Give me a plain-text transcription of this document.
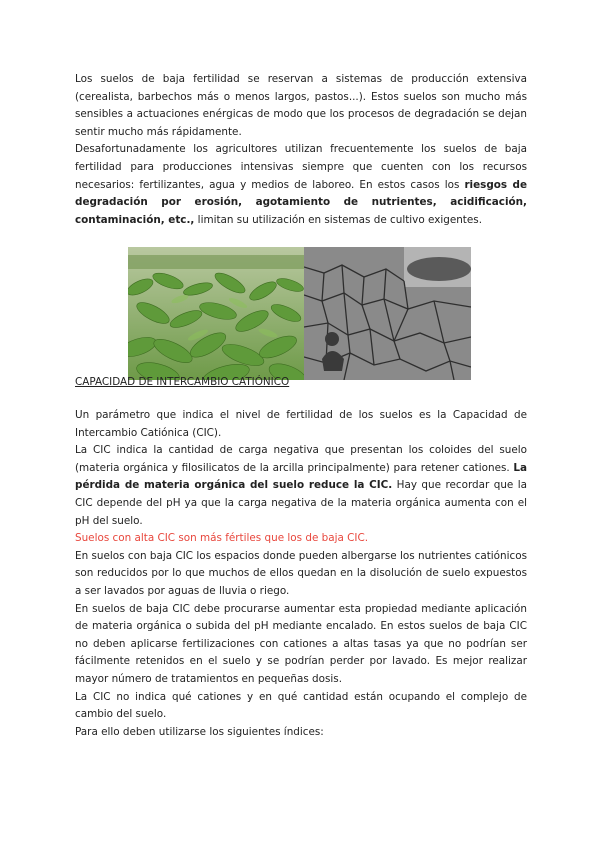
Los suelos de baja fertilidad se reservan a sistemas de producción extensiva (cerealista, barbechos más o menos largos, pastos...). Estos suelos son mucho más sensibles a actuaciones enérgicas de modo que los procesos de degradación se dejan sentir mucho más rápidamente.

Desafortunadamente los agricultores utilizan frecuentemente los suelos de baja fertilidad para producciones intensivas siempre que cuenten con los recursos necesarios: fertilizantes, agua y medios de laboreo. En estos casos los riesgos de degradación por erosión, agotamiento de nutrientes, acidificación, contaminación, etc., limitan su utilización en sistemas de cultivo exigentes.

CAPACIDAD DE INTERCAMBIO CATIÓNICO

Un parámetro que indica el nivel de fertilidad de los suelos es la Capacidad de Intercambio Catiónica (CIC).

La CIC indica la cantidad de carga negativa que presentan los coloides del suelo (materia orgánica y filosilicatos de la arcilla principalmente) para retener cationes. La pérdida de materia orgánica del suelo reduce la CIC. Hay que recordar que la CIC depende del pH ya que la carga negativa de la materia orgánica aumenta con el pH del suelo.

Suelos con alta CIC son más fértiles que los de baja CIC.

En suelos con baja CIC los espacios donde pueden albergarse los nutrientes catiónicos son reducidos por lo que muchos de ellos quedan en la disolución de suelo expuestos a ser lavados por aguas de lluvia o riego.

En suelos de baja CIC debe procurarse aumentar esta propiedad mediante aplicación de materia orgánica o subida del pH mediante encalado. En estos suelos de baja CIC no deben aplicarse fertilizaciones con cationes a altas tasas ya que no podrían ser fácilmente retenidos en el suelo y se podrían perder por lavado. Es mejor realizar mayor número de tratamientos en pequeñas dosis.

La CIC no indica qué cationes y en qué cantidad están ocupando el complejo de cambio del suelo.

Para ello deben utilizarse los siguientes índices:
